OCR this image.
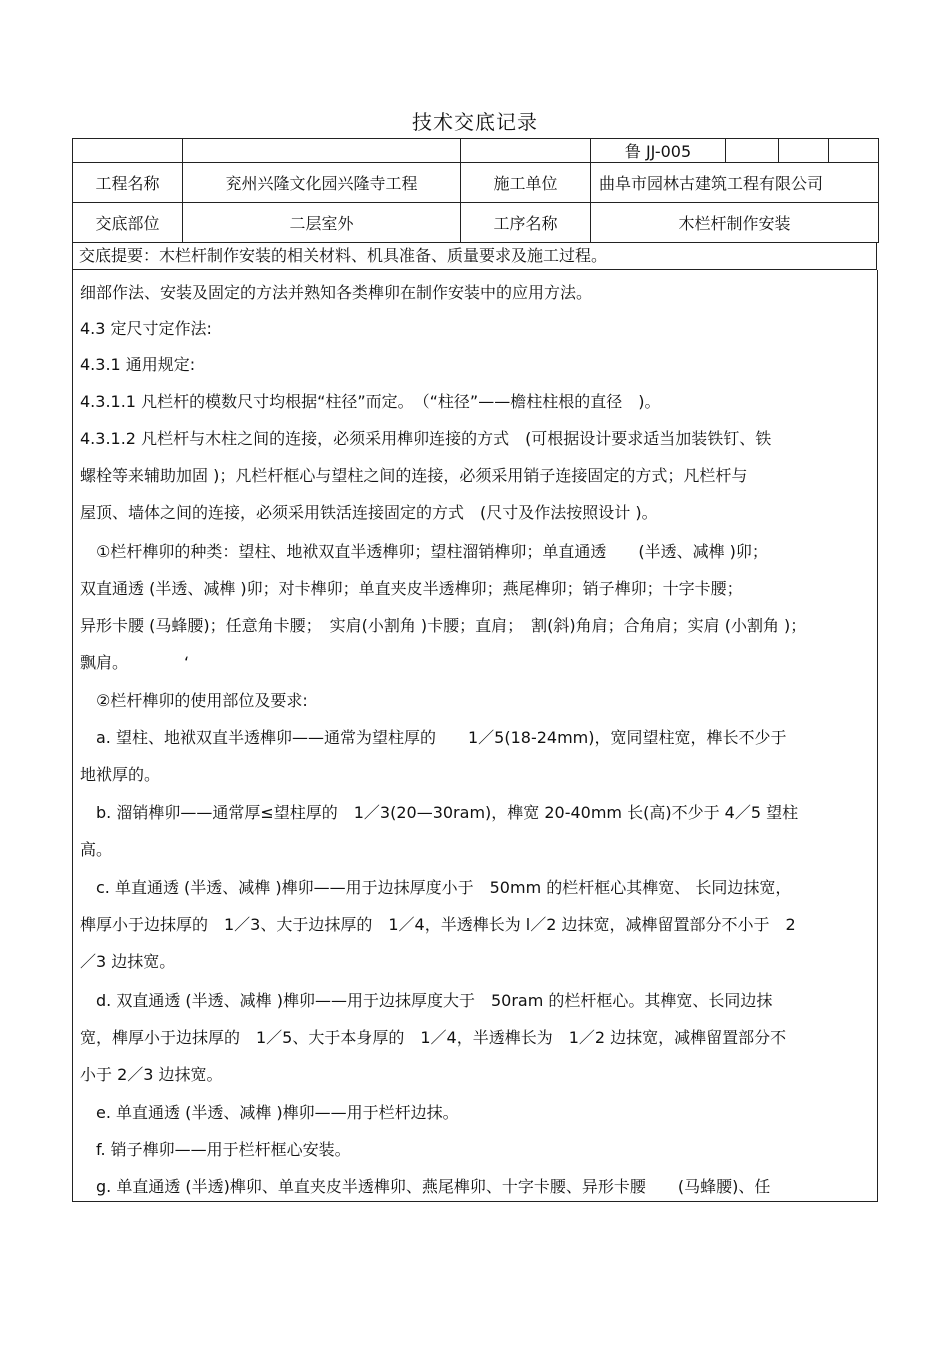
技术交底记录
			鲁 JJ-005			
工程名称	兖州兴隆文化园兴隆寺工程	施工单位	曲阜市园林古建筑工程有限公司			
交底部位	二层室外	工序名称	木栏杆制作安装			
交底提要：木栏杆制作安装的相关材料、机具准备、质量要求及施工过程。
细部作法、安装及固定的方法并熟知各类榫卯在制作安装中的应用方法。
4.3 定尺寸定作法:
4.3.1 通用规定:
4.3.1.1 凡栏杆的模数尺寸均根据“柱径”而定。　（“柱径”——檐柱柱根的直径　)。
4.3.1.2 凡栏杆与木柱之间的连接，必须采用榫卯连接的方式　(可根据设计要求适当加装铁钉、铁
螺栓等来辅助加固 )；凡栏杆框心与望柱之间的连接，必须采用销子连接固定的方式；凡栏杆与
屋顶、墙体之间的连接，必须采用铁活连接固定的方式　(尺寸及作法按照设计 )。
　①栏杆榫卯的种类：望柱、地袱双直半透榫卯；望柱溜销榫卯；单直通透　　(半透、减榫 )卯；
双直通透 (半透、减榫 )卯；对卡榫卯；单直夹皮半透榫卯；燕尾榫卯；销子榫卯；十字卡腰；
异形卡腰 (马蜂腰)；任意角卡腰；　实肩(小割角 )卡腰；直肩；　割(斜)角肩；合角肩；实肩 (小割角 )；
飘肩。　　　　‘
　②栏杆榫卯的使用部位及要求:
　a. 望柱、地袱双直半透榫卯——通常为望柱厚的　　1／5(18-24mm)，宽同望柱宽，榫长不少于
地袱厚的。
　b. 溜销榫卯——通常厚≤望柱厚的　1／3(20—30ram)，榫宽 20-40mm 长(高)不少于 4／5 望柱
高。
　c. 单直通透 (半透、减榫 )榫卯——用于边抹厚度小于　50mm 的栏杆框心其榫宽、 长同边抹宽，
榫厚小于边抹厚的　1／3、大于边抹厚的　1／4，半透榫长为 l／2 边抹宽，减榫留置部分不小于　2
／3 边抹宽。
　d. 双直通透 (半透、减榫 )榫卯——用于边抹厚度大于　50ram 的栏杆框心。其榫宽、长同边抹
宽，榫厚小于边抹厚的　1／5、大于本身厚的　1／4，半透榫长为　1／2 边抹宽，减榫留置部分不
小于 2／3 边抹宽。
　e. 单直通透 (半透、减榫 )榫卯——用于栏杆边抹。
　f. 销子榫卯——用于栏杆框心安装。
　g. 单直通透 (半透)榫卯、单直夹皮半透榫卯、燕尾榫卯、十字卡腰、异形卡腰　　(马蜂腰)、任
